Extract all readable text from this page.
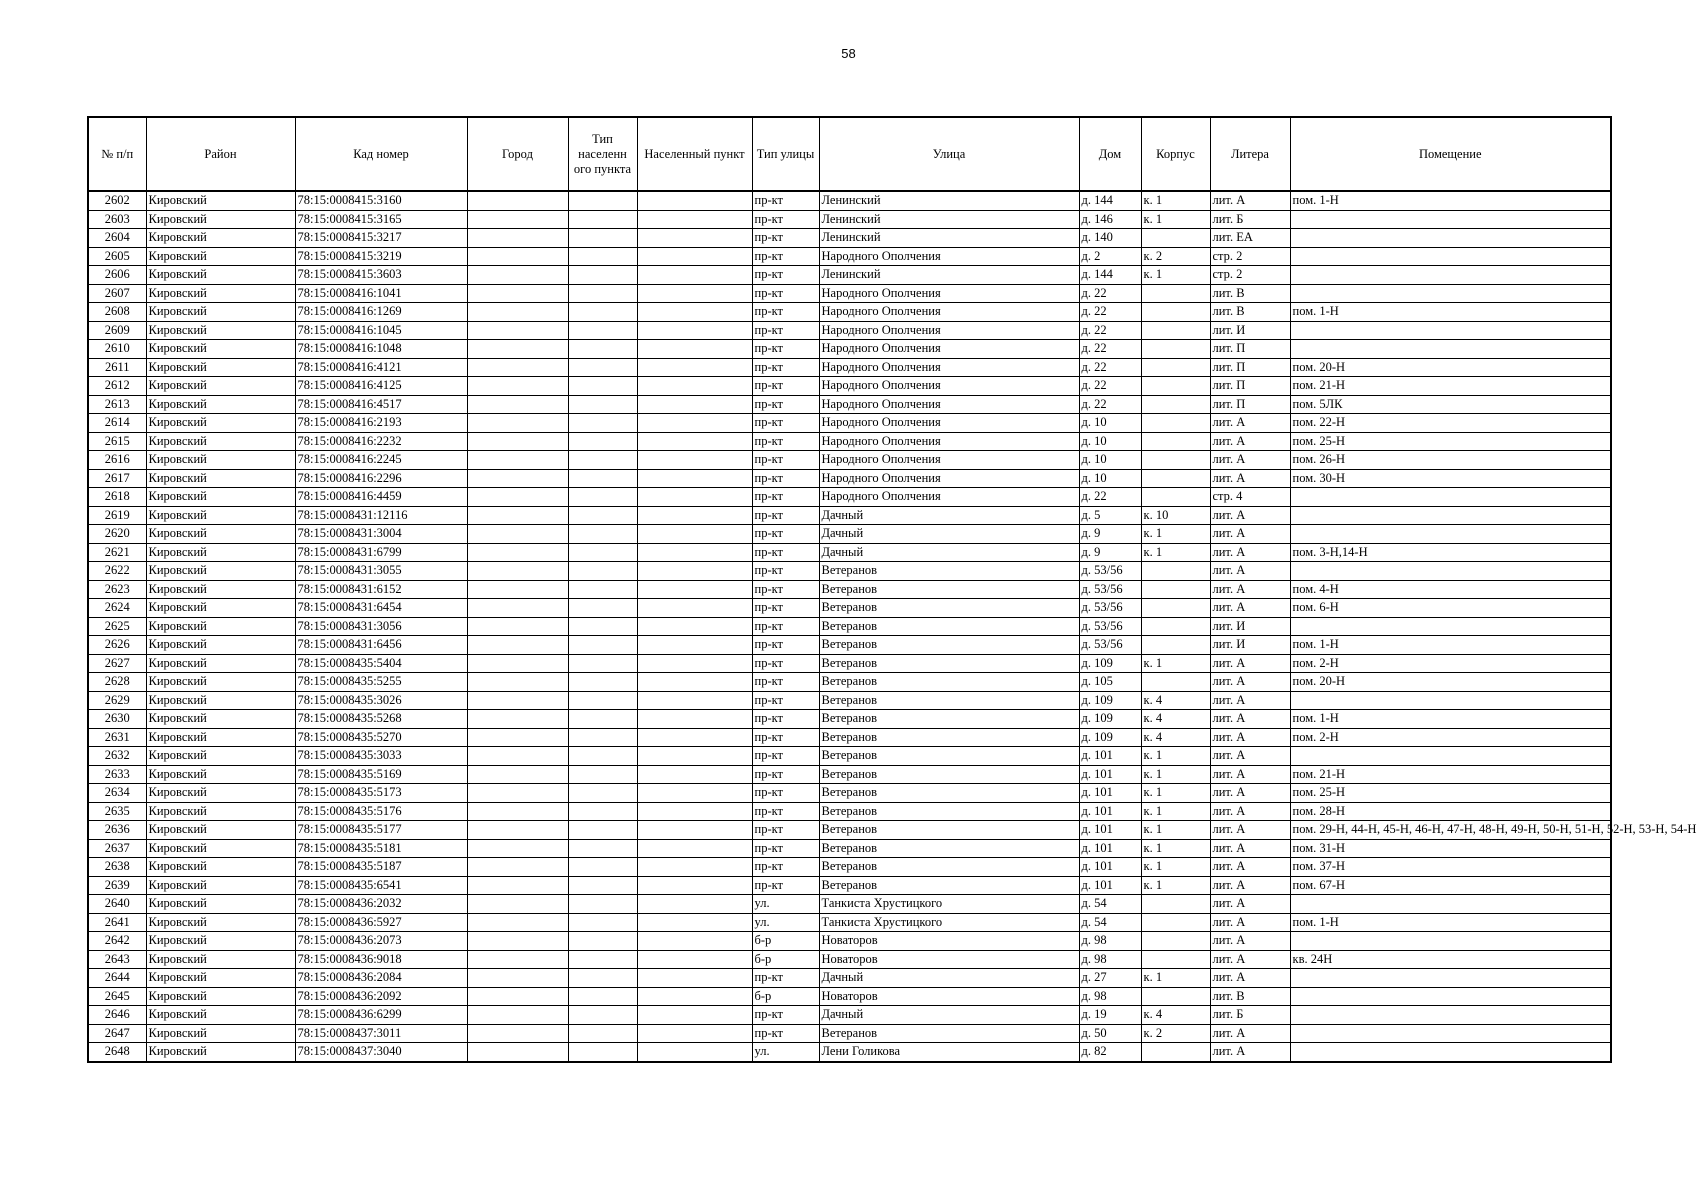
58
№ п/п	Район	Кад номер	Город	Тип населенн ого пункта	Населенный пункт	Тип улицы	Улица	Дом	Корпус	Литера	Помещение
2602	Кировский	78:15:0008415:3160				пр-кт	Ленинский	д. 144	к. 1	лит. А	пом. 1-Н
2603	Кировский	78:15:0008415:3165				пр-кт	Ленинский	д. 146	к. 1	лит. Б	
2604	Кировский	78:15:0008415:3217				пр-кт	Ленинский	д. 140		лит. ЕА	
2605	Кировский	78:15:0008415:3219				пр-кт	Народного Ополчения	д. 2	к. 2	стр. 2	
2606	Кировский	78:15:0008415:3603				пр-кт	Ленинский	д. 144	к. 1	стр. 2	
2607	Кировский	78:15:0008416:1041				пр-кт	Народного Ополчения	д. 22		лит. В	
2608	Кировский	78:15:0008416:1269				пр-кт	Народного Ополчения	д. 22		лит. В	пом. 1-Н
2609	Кировский	78:15:0008416:1045				пр-кт	Народного Ополчения	д. 22		лит. И	
2610	Кировский	78:15:0008416:1048				пр-кт	Народного Ополчения	д. 22		лит. П	
2611	Кировский	78:15:0008416:4121				пр-кт	Народного Ополчения	д. 22		лит. П	пом. 20-Н
2612	Кировский	78:15:0008416:4125				пр-кт	Народного Ополчения	д. 22		лит. П	пом. 21-Н
2613	Кировский	78:15:0008416:4517				пр-кт	Народного Ополчения	д. 22		лит. П	пом. 5ЛК
2614	Кировский	78:15:0008416:2193				пр-кт	Народного Ополчения	д. 10		лит. А	пом. 22-Н
2615	Кировский	78:15:0008416:2232				пр-кт	Народного Ополчения	д. 10		лит. А	пом. 25-Н
2616	Кировский	78:15:0008416:2245				пр-кт	Народного Ополчения	д. 10		лит. А	пом. 26-Н
2617	Кировский	78:15:0008416:2296				пр-кт	Народного Ополчения	д. 10		лит. А	пом. 30-Н
2618	Кировский	78:15:0008416:4459				пр-кт	Народного Ополчения	д. 22		стр. 4	
2619	Кировский	78:15:0008431:12116				пр-кт	Дачный	д. 5	к. 10	лит. А	
2620	Кировский	78:15:0008431:3004				пр-кт	Дачный	д. 9	к. 1	лит. А	
2621	Кировский	78:15:0008431:6799				пр-кт	Дачный	д. 9	к. 1	лит. А	пом. 3-Н,14-Н
2622	Кировский	78:15:0008431:3055				пр-кт	Ветеранов	д. 53/56		лит. А	
2623	Кировский	78:15:0008431:6152				пр-кт	Ветеранов	д. 53/56		лит. А	пом. 4-Н
2624	Кировский	78:15:0008431:6454				пр-кт	Ветеранов	д. 53/56		лит. А	пом. 6-Н
2625	Кировский	78:15:0008431:3056				пр-кт	Ветеранов	д. 53/56		лит. И	
2626	Кировский	78:15:0008431:6456				пр-кт	Ветеранов	д. 53/56		лит. И	пом. 1-Н
2627	Кировский	78:15:0008435:5404				пр-кт	Ветеранов	д. 109	к. 1	лит. А	пом. 2-Н
2628	Кировский	78:15:0008435:5255				пр-кт	Ветеранов	д. 105		лит. А	пом. 20-Н
2629	Кировский	78:15:0008435:3026				пр-кт	Ветеранов	д. 109	к. 4	лит. А	
2630	Кировский	78:15:0008435:5268				пр-кт	Ветеранов	д. 109	к. 4	лит. А	пом. 1-Н
2631	Кировский	78:15:0008435:5270				пр-кт	Ветеранов	д. 109	к. 4	лит. А	пом. 2-Н
2632	Кировский	78:15:0008435:3033				пр-кт	Ветеранов	д. 101	к. 1	лит. А	
2633	Кировский	78:15:0008435:5169				пр-кт	Ветеранов	д. 101	к. 1	лит. А	пом. 21-Н
2634	Кировский	78:15:0008435:5173				пр-кт	Ветеранов	д. 101	к. 1	лит. А	пом. 25-Н
2635	Кировский	78:15:0008435:5176				пр-кт	Ветеранов	д. 101	к. 1	лит. А	пом. 28-Н
2636	Кировский	78:15:0008435:5177				пр-кт	Ветеранов	д. 101	к. 1	лит. А	пом. 29-Н, 44-Н, 45-Н, 46-Н, 47-Н, 48-Н, 49-Н, 50-Н, 51-Н, 52-Н, 53-Н, 54-Н
2637	Кировский	78:15:0008435:5181				пр-кт	Ветеранов	д. 101	к. 1	лит. А	пом. 31-Н
2638	Кировский	78:15:0008435:5187				пр-кт	Ветеранов	д. 101	к. 1	лит. А	пом. 37-Н
2639	Кировский	78:15:0008435:6541				пр-кт	Ветеранов	д. 101	к. 1	лит. А	пом. 67-Н
2640	Кировский	78:15:0008436:2032				ул.	Танкиста Хрустицкого	д. 54		лит. А	
2641	Кировский	78:15:0008436:5927				ул.	Танкиста Хрустицкого	д. 54		лит. А	пом. 1-Н
2642	Кировский	78:15:0008436:2073				б-р	Новаторов	д. 98		лит. А	
2643	Кировский	78:15:0008436:9018				б-р	Новаторов	д. 98		лит. А	кв. 24Н
2644	Кировский	78:15:0008436:2084				пр-кт	Дачный	д. 27	к. 1	лит. А	
2645	Кировский	78:15:0008436:2092				б-р	Новаторов	д. 98		лит. В	
2646	Кировский	78:15:0008436:6299				пр-кт	Дачный	д. 19	к. 4	лит. Б	
2647	Кировский	78:15:0008437:3011				пр-кт	Ветеранов	д. 50	к. 2	лит. А	
2648	Кировский	78:15:0008437:3040				ул.	Лени Голикова	д. 82		лит. А	
